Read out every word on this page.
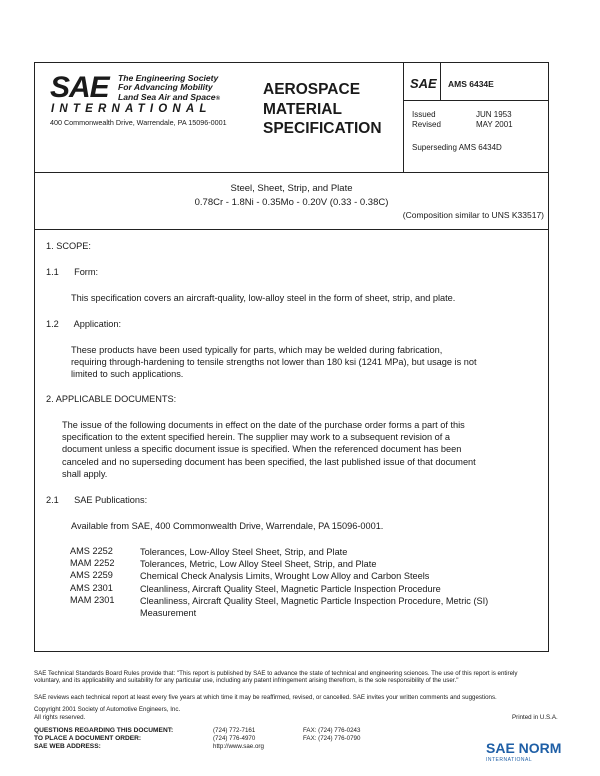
SAE The Engineering Society
For Advancing Mobility
Land Sea Air and Space®
INTERNATIONAL
400 Commonwealth Drive, Warrendale, PA 15096-0001
AEROSPACE
MATERIAL
SPECIFICATION
SAE AMS 6434E
Issued	JUN 1953
Revised	MAY 2001
Superseding AMS 6434D
Steel, Sheet, Strip, and Plate
0.78Cr - 1.8Ni - 0.35Mo - 0.20V (0.33 - 0.38C)
(Composition similar to UNS K33517)
1. SCOPE:
1.1      Form:
This specification covers an aircraft-quality, low-alloy steel in the form of sheet, strip, and plate.
1.2      Application:
These products have been used typically for parts, which may be welded during fabrication,
requiring through-hardening to tensile strengths not lower than 180 ksi (1241 MPa), but usage is not
limited to such applications.
2. APPLICABLE DOCUMENTS:
The issue of the following documents in effect on the date of the purchase order forms a part of this
specification to the extent specified herein. The supplier may work to a subsequent revision of a
document unless a specific document issue is specified. When the referenced document has been
canceled and no superseding document has been specified, the last published issue of that document
shall apply.
2.1      SAE Publications:
Available from SAE, 400 Commonwealth Drive, Warrendale, PA 15096-0001.
AMS 2252	Tolerances, Low-Alloy Steel Sheet, Strip, and Plate
MAM 2252	Tolerances, Metric, Low Alloy Steel Sheet, Strip, and Plate
AMS 2259	Chemical Check Analysis Limits, Wrought Low Alloy and Carbon Steels
AMS 2301	Cleanliness, Aircraft Quality Steel, Magnetic Particle Inspection Procedure
MAM 2301	Cleanliness, Aircraft Quality Steel, Magnetic Particle Inspection Procedure, Metric (SI) Measurement
SAE Technical Standards Board Rules provide that: "This report is published by SAE to advance the state of technical and engineering sciences. The use of this report is entirely
voluntary, and its applicability and suitability for any particular use, including any patent infringement arising therefrom, is the sole responsibility of the user."
SAE reviews each technical report at least every five years at which time it may be reaffirmed, revised, or cancelled. SAE invites your written comments and suggestions.
Copyright 2001 Society of Automotive Engineers, Inc.
All rights reserved.	Printed in U.S.A.
QUESTIONS REGARDING THIS DOCUMENT:	(724) 772-7161	FAX: (724) 776-0243
TO PLACE A DOCUMENT ORDER:	(724) 776-4970	FAX: (724) 776-0790
SAE WEB ADDRESS:	http://www.sae.org	SAE NORM
INTERNATIONAL
